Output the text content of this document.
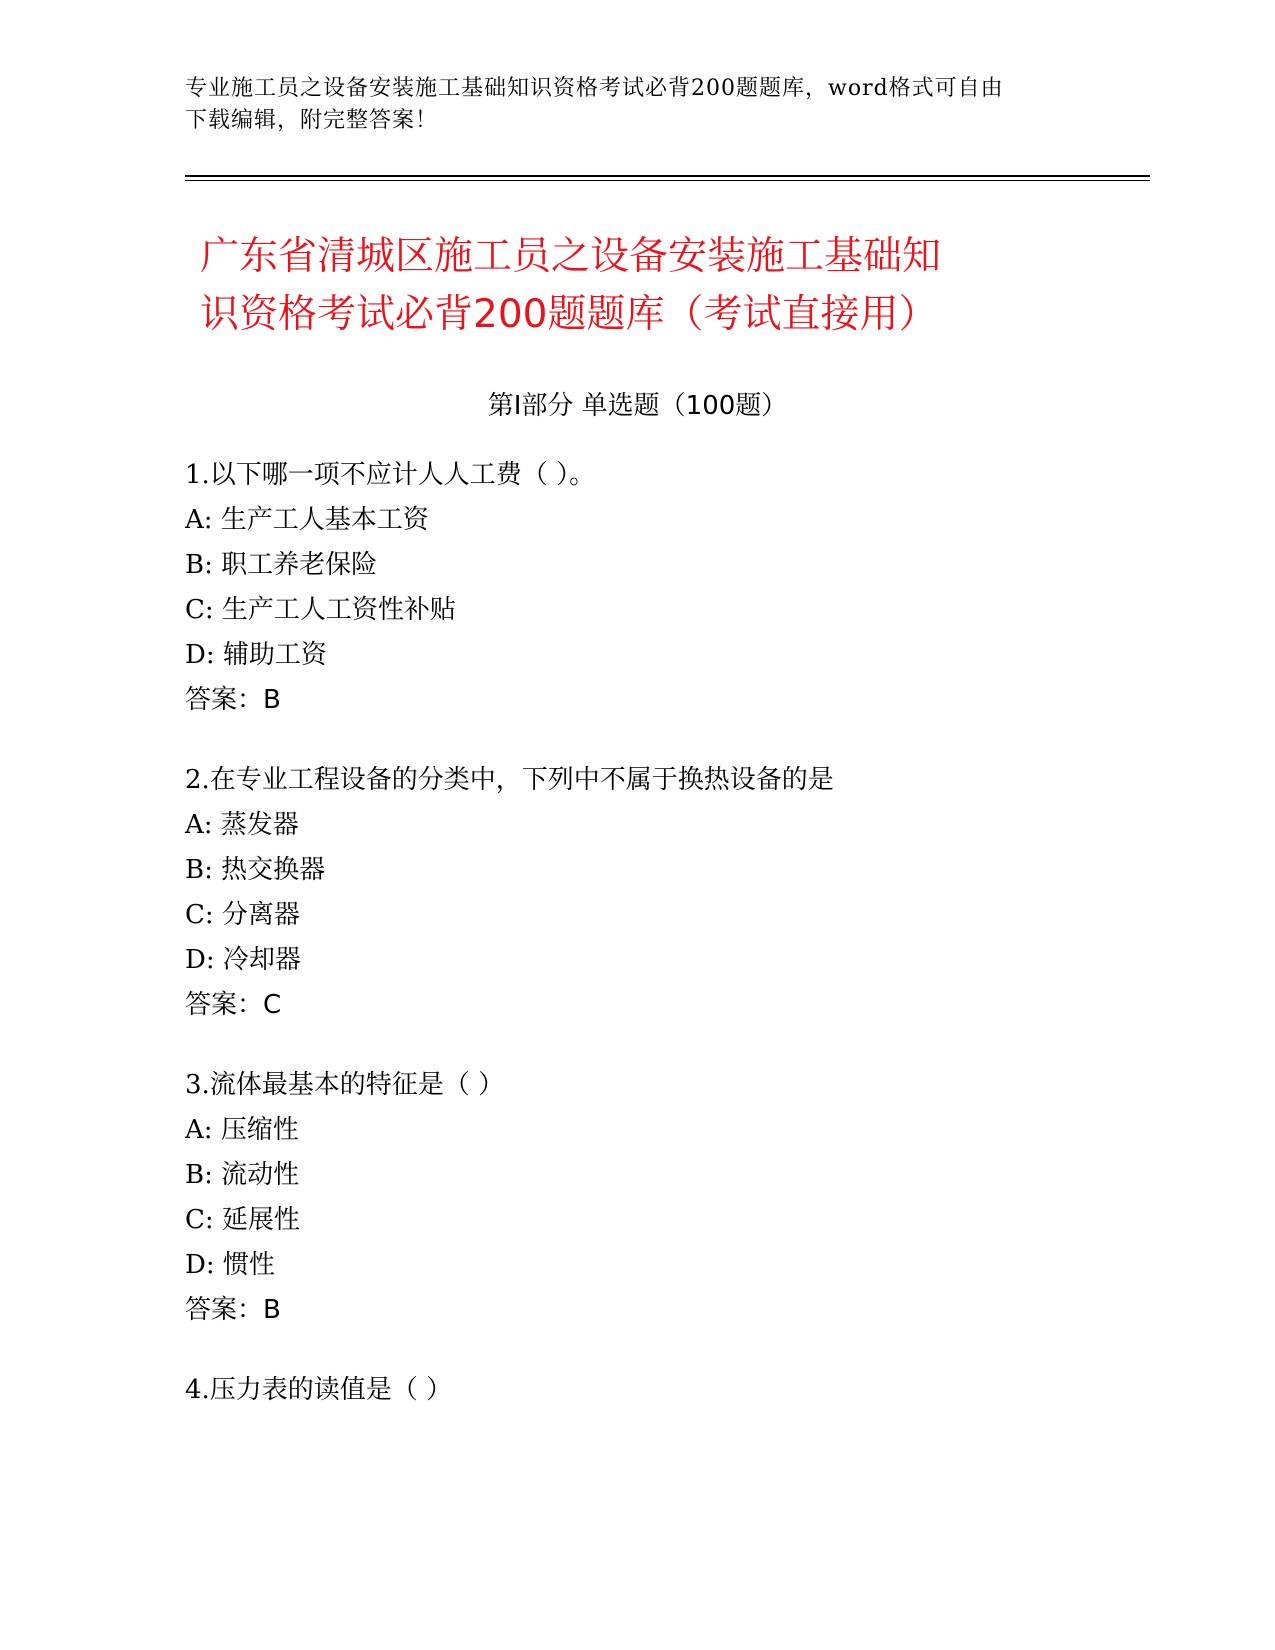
专业施工员之设备安装施工基础知识资格考试必背200题题库，word格式可自由
下载编辑，附完整答案！
广东省清城区施工员之设备安装施工基础知
识资格考试必背200题题库（考试直接用）
第Ⅰ部分 单选题（100题）
1.以下哪一项不应计人人工费（ ）。
A: 生产工人基本工资
B: 职工养老保险
C: 生产工人工资性补贴
D: 辅助工资
答案：B
2.在专业工程设备的分类中，下列中不属于换热设备的是
A: 蒸发器
B: 热交换器
C: 分离器
D: 冷却器
答案：C
3.流体最基本的特征是（ ）
A: 压缩性
B: 流动性
C: 延展性
D: 惯性
答案：B
4.压力表的读值是（ ）
